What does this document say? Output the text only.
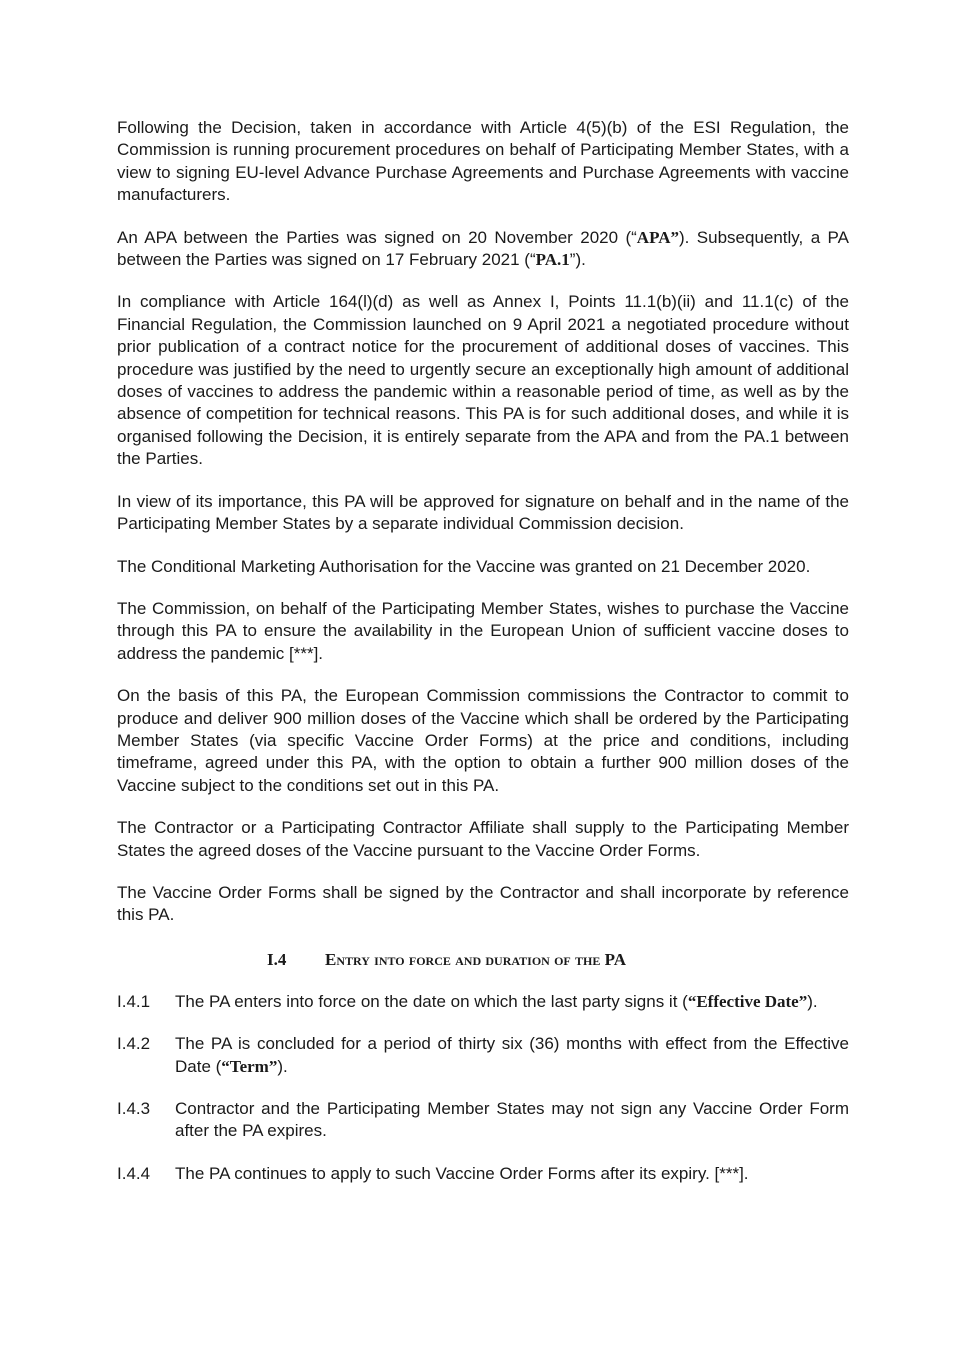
Following the Decision, taken in accordance with Article 4(5)(b) of the ESI Regulation, the Commission is running procurement procedures on behalf of Participating Member States, with a view to signing EU-level Advance Purchase Agreements and Purchase Agreements with vaccine manufacturers.

An APA between the Parties was signed on 20 November 2020 (“APA”). Subsequently, a PA between the Parties was signed on 17 February 2021 (“PA.1”).

In compliance with Article 164(l)(d) as well as Annex I, Points 11.1(b)(ii) and 11.1(c) of the Financial Regulation, the Commission launched on 9 April 2021 a negotiated procedure without prior publication of a contract notice for the procurement of additional doses of vaccines. This procedure was justified by the need to urgently secure an exceptionally high amount of additional doses of vaccines to address the pandemic within a reasonable period of time, as well as by the absence of competition for technical reasons. This PA is for such additional doses, and while it is organised following the Decision, it is entirely separate from the APA and from the PA.1 between the Parties.

In view of its importance, this PA will be approved for signature on behalf and in the name of the Participating Member States by a separate individual Commission decision.

The Conditional Marketing Authorisation for the Vaccine was granted on 21 December 2020.

The Commission, on behalf of the Participating Member States, wishes to purchase the Vaccine through this PA to ensure the availability in the European Union of sufficient vaccine doses to address the pandemic [***].

On the basis of this PA, the European Commission commissions the Contractor to commit to produce and deliver 900 million doses of the Vaccine which shall be ordered by the Participating Member States (via specific Vaccine Order Forms) at the price and conditions, including timeframe, agreed under this PA, with the option to obtain a further 900 million doses of the Vaccine subject to the conditions set out in this PA.

The Contractor or a Participating Contractor Affiliate shall supply to the Participating Member States the agreed doses of the Vaccine pursuant to the Vaccine Order Forms.

The Vaccine Order Forms shall be signed by the Contractor and shall incorporate by reference this PA.

I.4 Entry into force and duration of the PA
I.4.1	The PA enters into force on the date on which the last party signs it (“Effective Date”).
I.4.2	The PA is concluded for a period of thirty six (36) months with effect from the Effective Date (“Term”).
I.4.3	Contractor and the Participating Member States may not sign any Vaccine Order Form after the PA expires.
I.4.4	The PA continues to apply to such Vaccine Order Forms after its expiry. [***].
